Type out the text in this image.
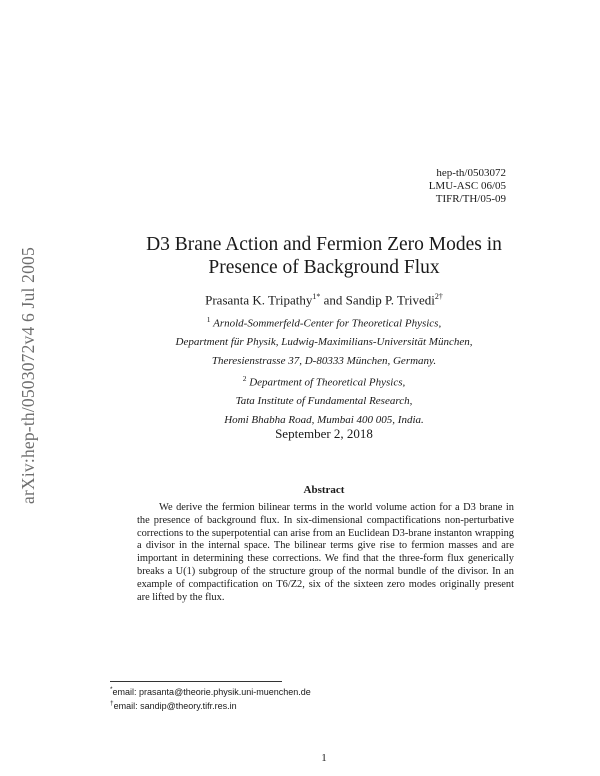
arXiv:hep-th/0503072v4 6 Jul 2005
hep-th/0503072
LMU-ASC 06/05
TIFR/TH/05-09
D3 Brane Action and Fermion Zero Modes in
Presence of Background Flux
Prasanta K. Tripathy$^{1*}$ and Sandip P. Trivedi$^{2\dagger}$
$^1$ Arnold-Sommerfeld-Center for Theoretical Physics,
Department für Physik, Ludwig-Maximilians-Universität München,
Theresienstrasse 37, D-80333 München, Germany.
$^2$ Department of Theoretical Physics,
Tata Institute of Fundamental Research,
Homi Bhabha Road, Mumbai 400 005, India.
September 2, 2018
Abstract

We derive the fermion bilinear terms in the world volume action for a D3 brane in the presence of background flux. In six-dimensional compactifications non-perturbative corrections to the superpotential can arise from an Euclidean D3-brane instanton wrapping a divisor in the internal space. The bilinear terms give rise to fermion masses and are important in determining these corrections. We find that the three-form flux generically breaks a U(1) subgroup of the structure group of the normal bundle of the divisor. In an example of compactification on T6/Z2, six of the sixteen zero modes originally present are lifted by the flux.

*email: prasanta@theorie.physik.uni-muenchen.de
†email: sandip@theory.tifr.res.in
1
